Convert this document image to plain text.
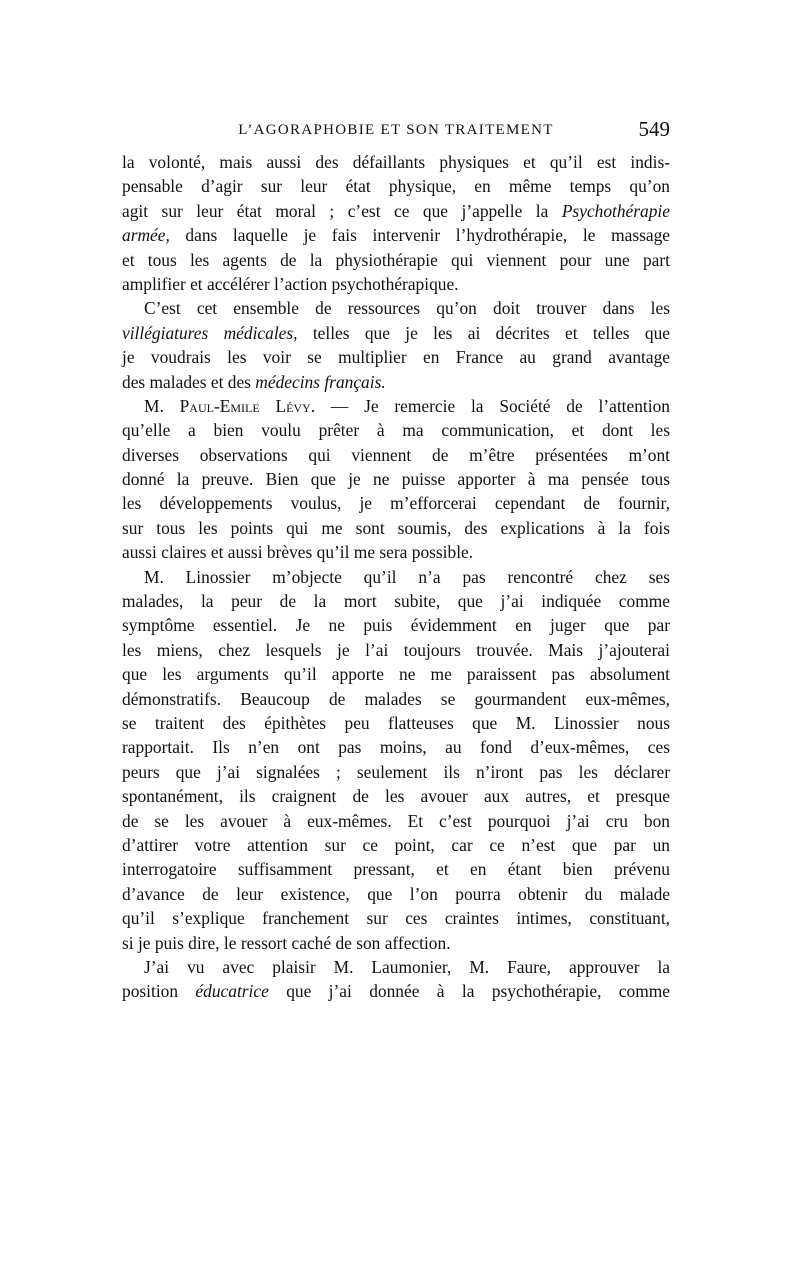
L’AGORAPHOBIE ET SON TRAITEMENT	549
la volonté, mais aussi des défaillants physiques et qu’il est indis-
pensable d’agir sur leur état physique, en même temps qu’on
agit sur leur état moral ; c’est ce que j’appelle la Psychothérapie
armée, dans laquelle je fais intervenir l’hydrothérapie, le massage
et tous les agents de la physiothérapie qui viennent pour une part
amplifier et accélérer l’action psychothérapique.
C’est cet ensemble de ressources qu’on doit trouver dans les
villégiatures médicales, telles que je les ai décrites et telles que
je voudrais les voir se multiplier en France au grand avantage
des malades et des médecins français.
M. Paul-Emile Lévy. — Je remercie la Société de l’attention
qu’elle a bien voulu prêter à ma communication, et dont les
diverses observations qui viennent de m’être présentées m’ont
donné la preuve. Bien que je ne puisse apporter à ma pensée tous
les développements voulus, je m’efforcerai cependant de fournir,
sur tous les points qui me sont soumis, des explications à la fois
aussi claires et aussi brèves qu’il me sera possible.
M. Linossier m’objecte qu’il n’a pas rencontré chez ses
malades, la peur de la mort subite, que j’ai indiquée comme
symptôme essentiel. Je ne puis évidemment en juger que par
les miens, chez lesquels je l’ai toujours trouvée. Mais j’ajouterai
que les arguments qu’il apporte ne me paraissent pas absolument
démonstratifs. Beaucoup de malades se gourmandent eux-mêmes,
se traitent des épithètes peu flatteuses que M. Linossier nous
rapportait. Ils n’en ont pas moins, au fond d’eux-mêmes, ces
peurs que j’ai signalées ; seulement ils n’iront pas les déclarer
spontanément, ils craignent de les avouer aux autres, et presque
de se les avouer à eux-mêmes. Et c’est pourquoi j’ai cru bon
d’attirer votre attention sur ce point, car ce n’est que par un
interrogatoire suffisamment pressant, et en étant bien prévenu
d’avance de leur existence, que l’on pourra obtenir du malade
qu’il s’explique franchement sur ces craintes intimes, constituant,
si je puis dire, le ressort caché de son affection.
J’ai vu avec plaisir M. Laumonier, M. Faure, approuver la
position éducatrice que j’ai donnée à la psychothérapie, comme
